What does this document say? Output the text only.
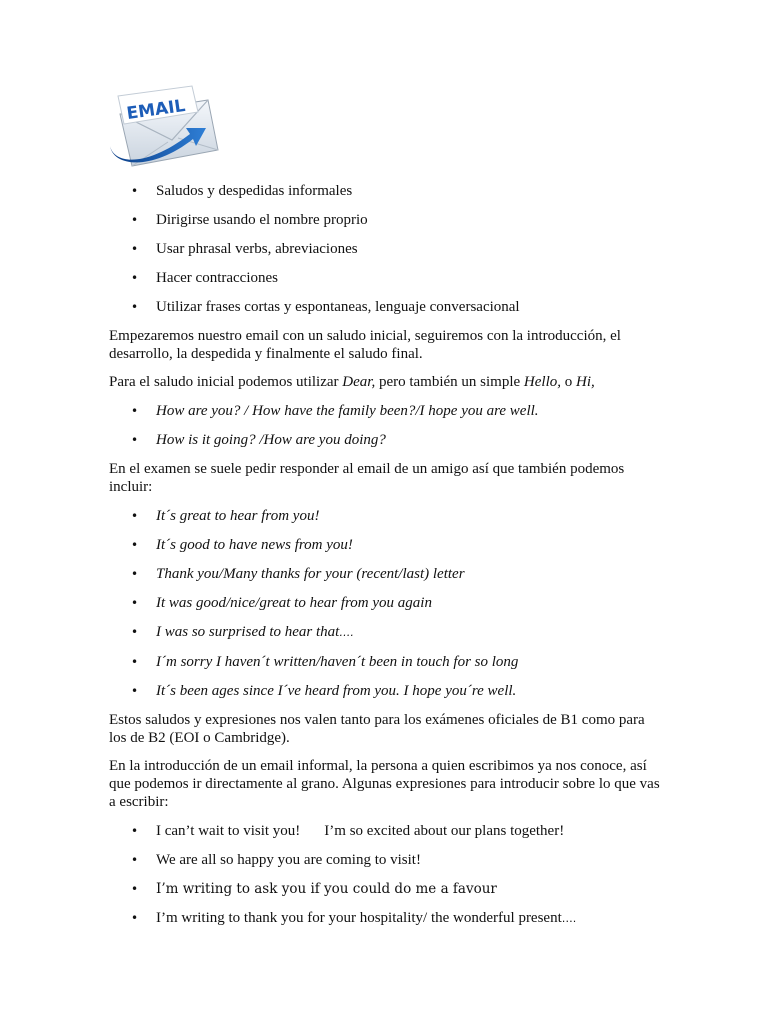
EMAIL
• Saludos y despedidas informales
• Dirigirse usando el nombre proprio
• Usar phrasal verbs, abreviaciones
• Hacer contracciones
• Utilizar frases cortas y espontaneas, lenguaje conversacional

Empezaremos nuestro email con un saludo inicial, seguiremos con la introducción, el desarrollo, la despedida y finalmente el saludo final.

Para el saludo inicial podemos utilizar Dear, pero también un simple Hello, o Hi,

• How are you? / How have the family been?/I hope you are well.
• How is it going? /How are you doing?

En el examen se suele pedir responder al email de un amigo así que también podemos incluir:

• It´s great to hear from you!
• It´s good to have news from you!
• Thank you/Many thanks for your (recent/last) letter
• It was good/nice/great to hear from you again
• I was so surprised to hear that….
• I´m sorry I haven´t written/haven´t been in touch for so long
• It´s been ages since I´ve heard from you. I hope you´re well.

Estos saludos y expresiones nos valen tanto para los exámenes oficiales de B1 como para los de B2 (EOI o Cambridge).

En la introducción de un email informal, la persona a quien escribimos ya nos conoce, así que podemos ir directamente al grano. Algunas expresiones para introducir sobre lo que vas a escribir:

• I can’t wait to visit you! I’m so excited about our plans together!
• We are all so happy you are coming to visit!
• I’m writing to ask you if you could do me a favour
• I’m writing to thank you for your hospitality/ the wonderful present….
